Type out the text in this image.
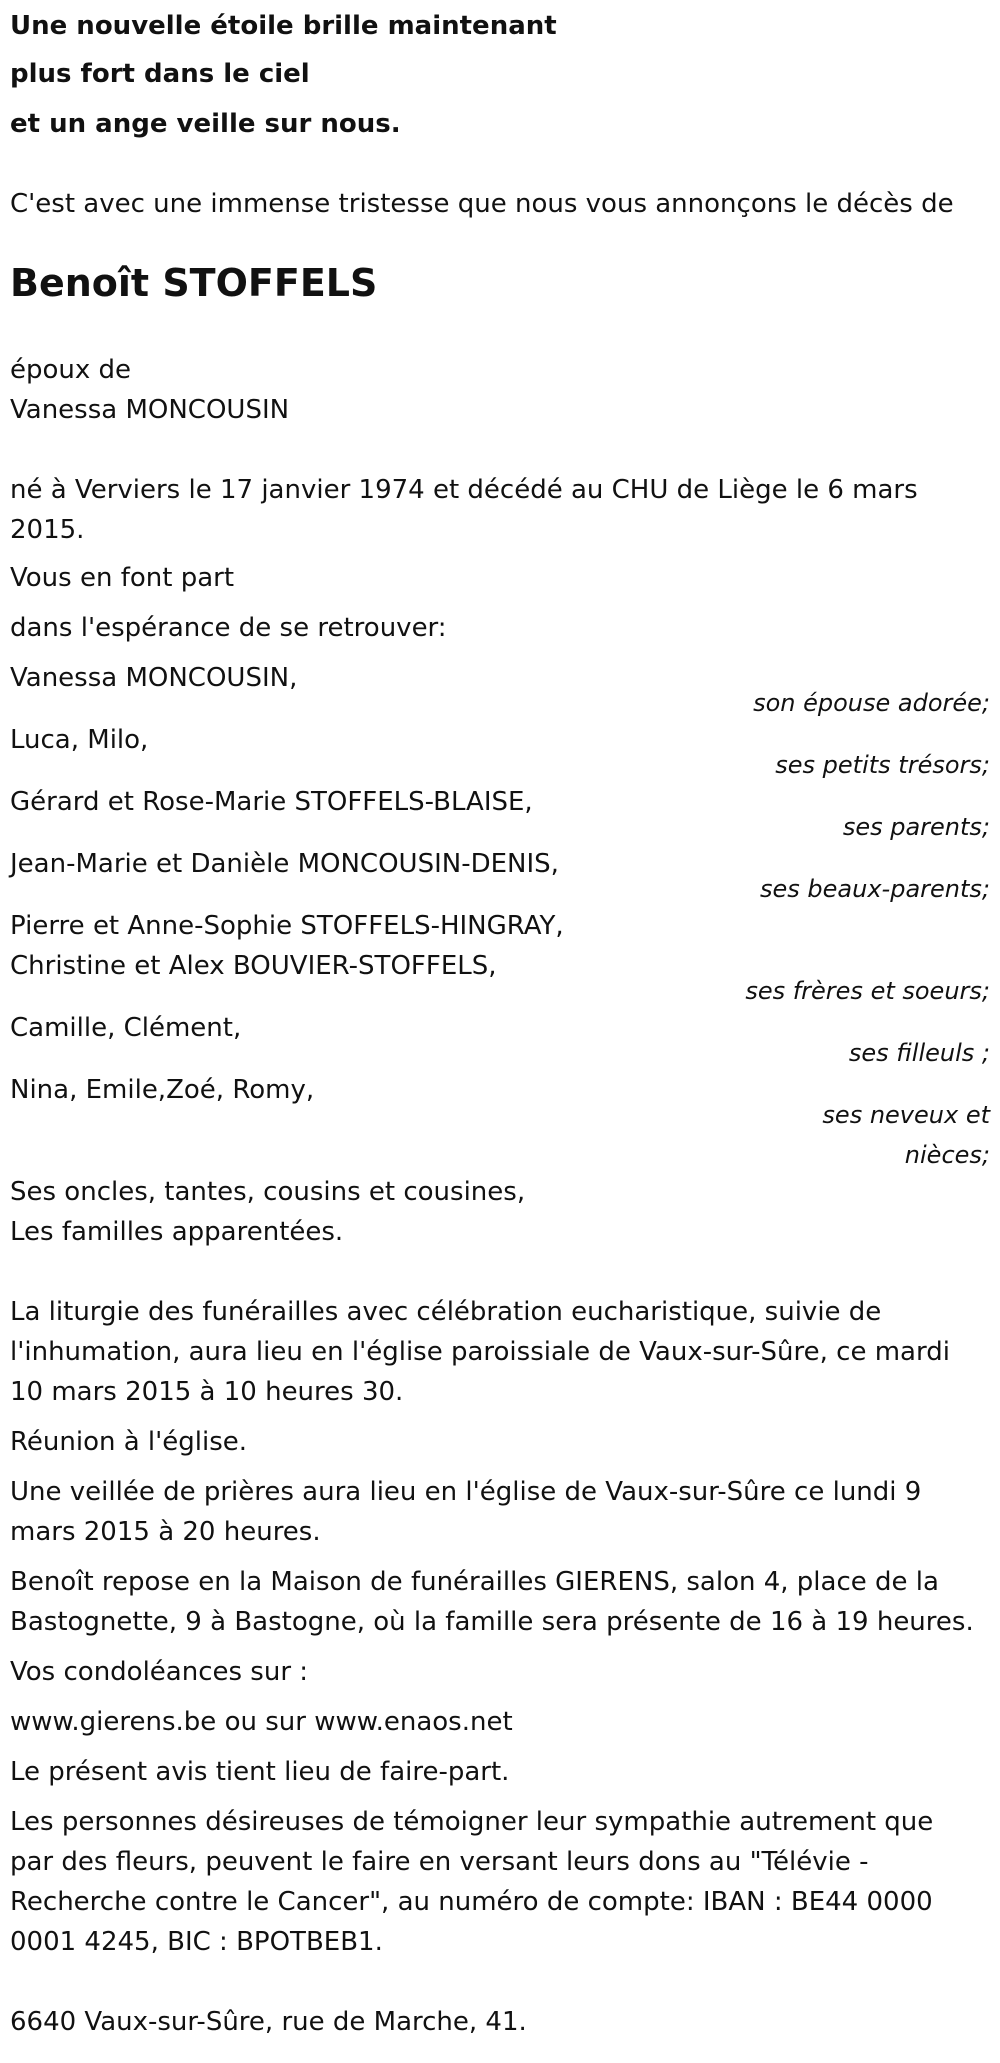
Une nouvelle étoile brille maintenant
plus fort dans le ciel
et un ange veille sur nous.
C'est avec une immense tristesse que nous vous annonçons le décès de
Benoît STOFFELS
époux de
Vanessa MONCOUSIN
né à Verviers le 17 janvier 1974 et décédé au CHU de Liège le 6 mars
2015.
Vous en font part
dans l'espérance de se retrouver:
Vanessa MONCOUSIN,
son épouse adorée;
Luca, Milo,
ses petits trésors;
Gérard et Rose-Marie STOFFELS-BLAISE,
ses parents;
Jean-Marie et Danièle MONCOUSIN-DENIS,
ses beaux-parents;
Pierre et Anne-Sophie STOFFELS-HINGRAY,
Christine et Alex BOUVIER-STOFFELS,
ses frères et soeurs;
Camille, Clément,
ses filleuls ;
Nina, Emile,Zoé, Romy,
ses neveux et
nièces;
Ses oncles, tantes, cousins et cousines,
Les familles apparentées.
La liturgie des funérailles avec célébration eucharistique, suivie de
l'inhumation, aura lieu en l'église paroissiale de Vaux-sur-Sûre, ce mardi
10 mars 2015 à 10 heures 30.
Réunion à l'église.
Une veillée de prières aura lieu en l'église de Vaux-sur-Sûre ce lundi 9
mars 2015 à 20 heures.
Benoît repose en la Maison de funérailles GIERENS, salon 4, place de la
Bastognette, 9 à Bastogne, où la famille sera présente de 16 à 19 heures.
Vos condoléances sur :
www.gierens.be ou sur www.enaos.net
Le présent avis tient lieu de faire-part.
Les personnes désireuses de témoigner leur sympathie autrement que
par des fleurs, peuvent le faire en versant leurs dons au "Télévie -
Recherche contre le Cancer", au numéro de compte: IBAN : BE44 0000
0001 4245, BIC : BPOTBEB1.
6640 Vaux-sur-Sûre, rue de Marche, 41.
